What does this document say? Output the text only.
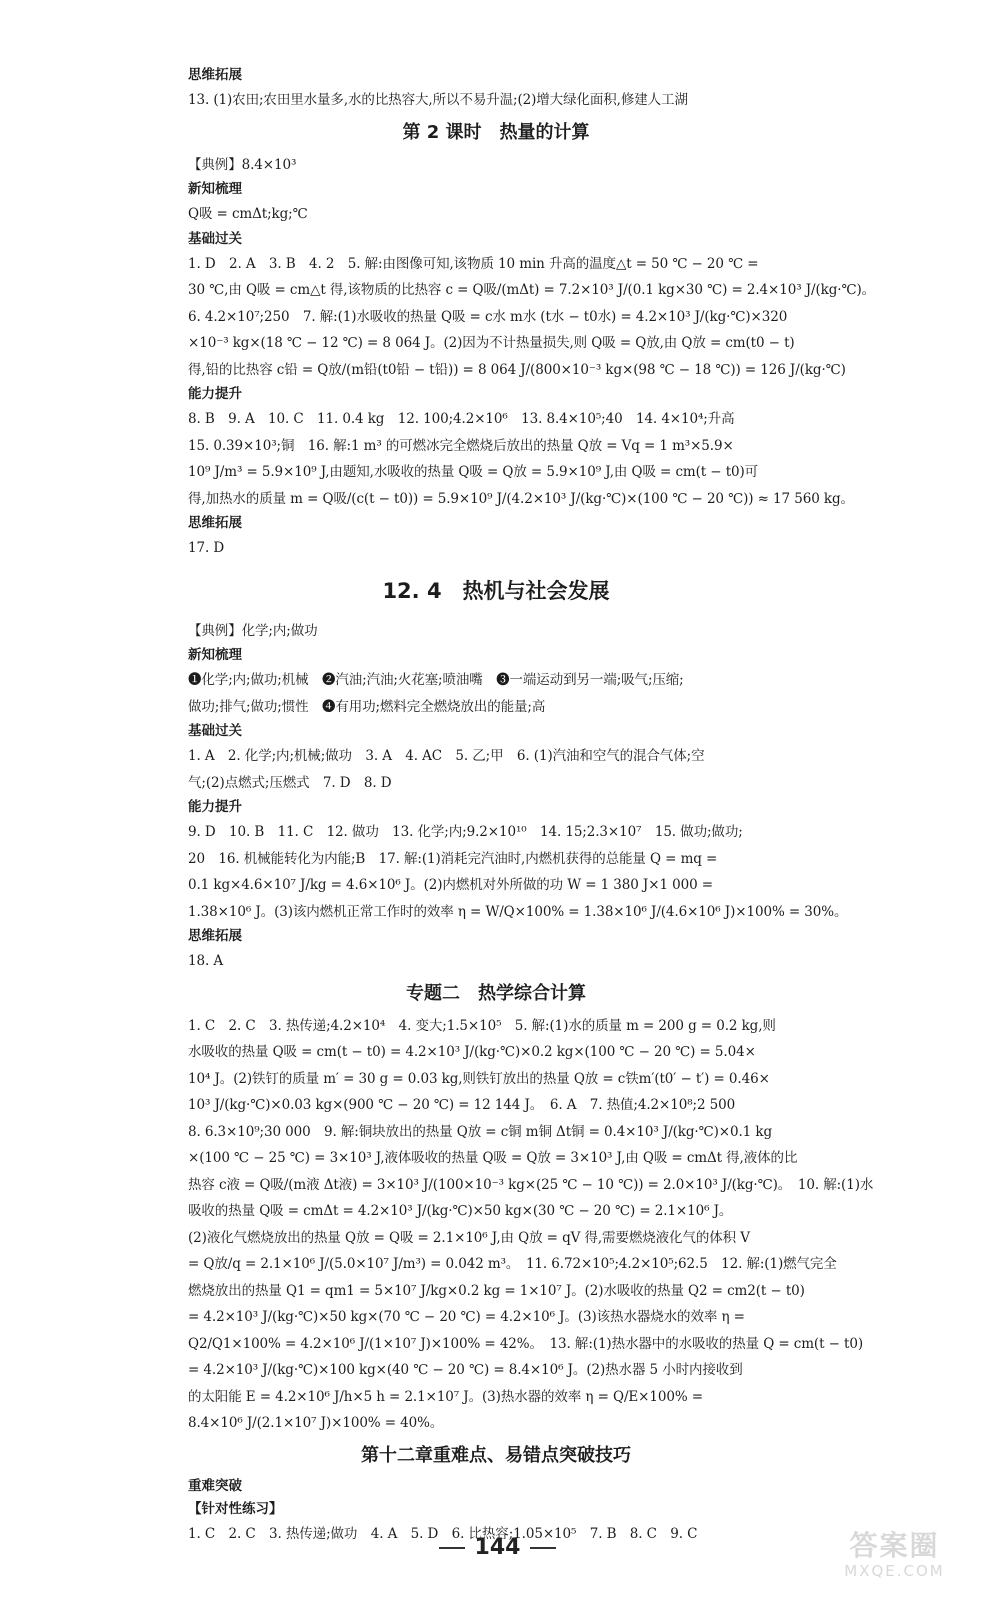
思维拓展
13. (1)农田;农田里水量多,水的比热容大,所以不易升温;(2)增大绿化面积,修建人工湖
第 2 课时　热量的计算
【典例】8.4×10³
新知梳理
Q吸 = cmΔt;kg;℃
基础过关
1. D　2. A　3. B　4. 2　5. 解:由图像可知,该物质 10 min 升高的温度△t = 50 ℃ − 20 ℃ =
30 ℃,由 Q吸 = cm△t 得,该物质的比热容 c = Q吸/(mΔt) = 7.2×10³ J/(0.1 kg×30 ℃) = 2.4×10³ J/(kg·℃)。
6. 4.2×10⁷;250　7. 解:(1)水吸收的热量 Q吸 = c水 m水 (t水 − t0水) = 4.2×10³ J/(kg·℃)×320
×10⁻³ kg×(18 ℃ − 12 ℃) = 8 064 J。(2)因为不计热量损失,则 Q吸 = Q放,由 Q放 = cm(t0 − t)
得,铅的比热容 c铅 = Q放/(m铅(t0铅 − t铅)) = 8 064 J/(800×10⁻³ kg×(98 ℃ − 18 ℃)) = 126 J/(kg·℃)
能力提升
8. B　9. A　10. C　11. 0.4 kg　12. 100;4.2×10⁶　13. 8.4×10⁵;40　14. 4×10⁴;升高
15. 0.39×10³;铜　16. 解:1 m³ 的可燃冰完全燃烧后放出的热量 Q放 = Vq = 1 m³×5.9×
10⁹ J/m³ = 5.9×10⁹ J,由题知,水吸收的热量 Q吸 = Q放 = 5.9×10⁹ J,由 Q吸 = cm(t − t0)可
得,加热水的质量 m = Q吸/(c(t − t0)) = 5.9×10⁹ J/(4.2×10³ J/(kg·℃)×(100 ℃ − 20 ℃)) ≈ 17 560 kg。
思维拓展
17. D
12. 4　热机与社会发展
【典例】化学;内;做功
新知梳理
❶化学;内;做功;机械　❷汽油;汽油;火花塞;喷油嘴　❸一端运动到另一端;吸气;压缩;
做功;排气;做功;惯性　❹有用功;燃料完全燃烧放出的能量;高
基础过关
1. A　2. 化学;内;机械;做功　3. A　4. AC　5. 乙;甲　6. (1)汽油和空气的混合气体;空
气;(2)点燃式;压燃式　7. D　8. D
能力提升
9. D　10. B　11. C　12. 做功　13. 化学;内;9.2×10¹⁰　14. 15;2.3×10⁷　15. 做功;做功;
20　16. 机械能转化为内能;B　17. 解:(1)消耗完汽油时,内燃机获得的总能量 Q = mq =
0.1 kg×4.6×10⁷ J/kg = 4.6×10⁶ J。(2)内燃机对外所做的功 W = 1 380 J×1 000 =
1.38×10⁶ J。(3)该内燃机正常工作时的效率 η = W/Q×100% = 1.38×10⁶ J/(4.6×10⁶ J)×100% = 30%。
思维拓展
18. A
专题二　热学综合计算
1. C　2. C　3. 热传递;4.2×10⁴　4. 变大;1.5×10⁵　5. 解:(1)水的质量 m = 200 g = 0.2 kg,则
水吸收的热量 Q吸 = cm(t − t0) = 4.2×10³ J/(kg·℃)×0.2 kg×(100 ℃ − 20 ℃) = 5.04×
10⁴ J。(2)铁钉的质量 m′ = 30 g = 0.03 kg,则铁钉放出的热量 Q放 = c铁m′(t0′ − t′) = 0.46×
10³ J/(kg·℃)×0.03 kg×(900 ℃ − 20 ℃) = 12 144 J。　6. A　7. 热值;4.2×10⁸;2 500
8. 6.3×10⁹;30 000　9. 解:铜块放出的热量 Q放 = c铜 m铜 Δt铜 = 0.4×10³ J/(kg·℃)×0.1 kg
×(100 ℃ − 25 ℃) = 3×10³ J,液体吸收的热量 Q吸 = Q放 = 3×10³ J,由 Q吸 = cmΔt 得,液体的比
热容 c液 = Q吸/(m液 Δt液) = 3×10³ J/(100×10⁻³ kg×(25 ℃ − 10 ℃)) = 2.0×10³ J/(kg·℃)。　10. 解:(1)水
吸收的热量 Q吸 = cmΔt = 4.2×10³ J/(kg·℃)×50 kg×(30 ℃ − 20 ℃) = 2.1×10⁶ J。
(2)液化气燃烧放出的热量 Q放 = Q吸 = 2.1×10⁶ J,由 Q放 = qV 得,需要燃烧液化气的体积 V
= Q放/q = 2.1×10⁶ J/(5.0×10⁷ J/m³) = 0.042 m³。　11. 6.72×10⁵;4.2×10⁵;62.5　12. 解:(1)燃气完全
燃烧放出的热量 Q1 = qm1 = 5×10⁷ J/kg×0.2 kg = 1×10⁷ J。(2)水吸收的热量 Q2 = cm2(t − t0)
= 4.2×10³ J/(kg·℃)×50 kg×(70 ℃ − 20 ℃) = 4.2×10⁶ J。(3)该热水器烧水的效率 η =
Q2/Q1×100% = 4.2×10⁶ J/(1×10⁷ J)×100% = 42%。　13. 解:(1)热水器中的水吸收的热量 Q = cm(t − t0)
= 4.2×10³ J/(kg·℃)×100 kg×(40 ℃ − 20 ℃) = 8.4×10⁶ J。(2)热水器 5 小时内接收到
的太阳能 E = 4.2×10⁶ J/h×5 h = 2.1×10⁷ J。(3)热水器的效率 η = Q/E×100% =
8.4×10⁶ J/(2.1×10⁷ J)×100% = 40%。
第十二章重难点、易错点突破技巧
重难突破
【针对性练习】
1. C　2. C　3. 热传递;做功　4. A　5. D　6. 比热容;1.05×10⁵　7. B　8. C　9. C
144	答案圈
MXQE.COM
